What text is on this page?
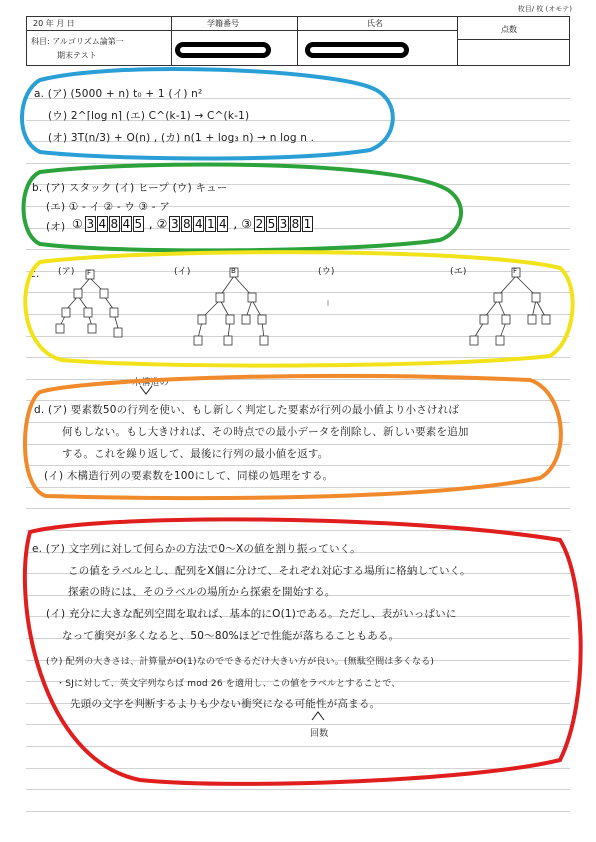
枚目/ 枚 (オモテ)
20 年 月 日
科目: アルゴリズム論第一
期末テスト
学籍番号	氏名
点数
a. (ア) (5000 + n) t₀ + 1 (イ) n²
(ウ) 2^⌈log n⌉ (エ) C^(k-1) → C^(k-1)
(オ) 3T(n/3) + O(n) , (カ) n(1 + log₃ n) → n log n .
b. (ア) スタック (イ) ヒープ (ウ) キュー
(エ) ① - イ ② - ウ ③ - ア
(オ) ① 3 4 8 4 5 , ② 3 8 4 1 4 , ③ 2 5 3 8 1
c. (ア)	(イ)	(ウ)	(エ)
木構造の
d. (ア) 要素数50の行列を使い、もし新しく判定した要素が行列の最小値より小さければ
何もしない。もし大きければ、その時点での最小データを削除し、新しい要素を追加
する。これを繰り返して、最後に行列の最小値を返す。
(イ) 木構造行列の要素数を100にして、同様の処理をする。
e. (ア) 文字列に対して何らかの方法で0〜Xの値を割り振っていく。
この値をラベルとし、配列をX個に分けて、それぞれ対応する場所に格納していく。
探索の時には、そのラベルの場所から探索を開始する。
(イ) 充分に大きな配列空間を取れば、基本的にO(1)である。ただし、表がいっぱいに
なって衝突が多くなると、50〜80%ほどで性能が落ちることもある。
(ウ) 配列の大きさは、計算量がO(1)なのでできるだけ大きい方が良い。(無駄空間は多くなる)
・SJに対して、英文字列ならば mod 26 を適用し、この値をラベルとすることで、
先頭の文字を判断するよりも少ない衝突になる可能性が高まる。
回数
F	B	F
